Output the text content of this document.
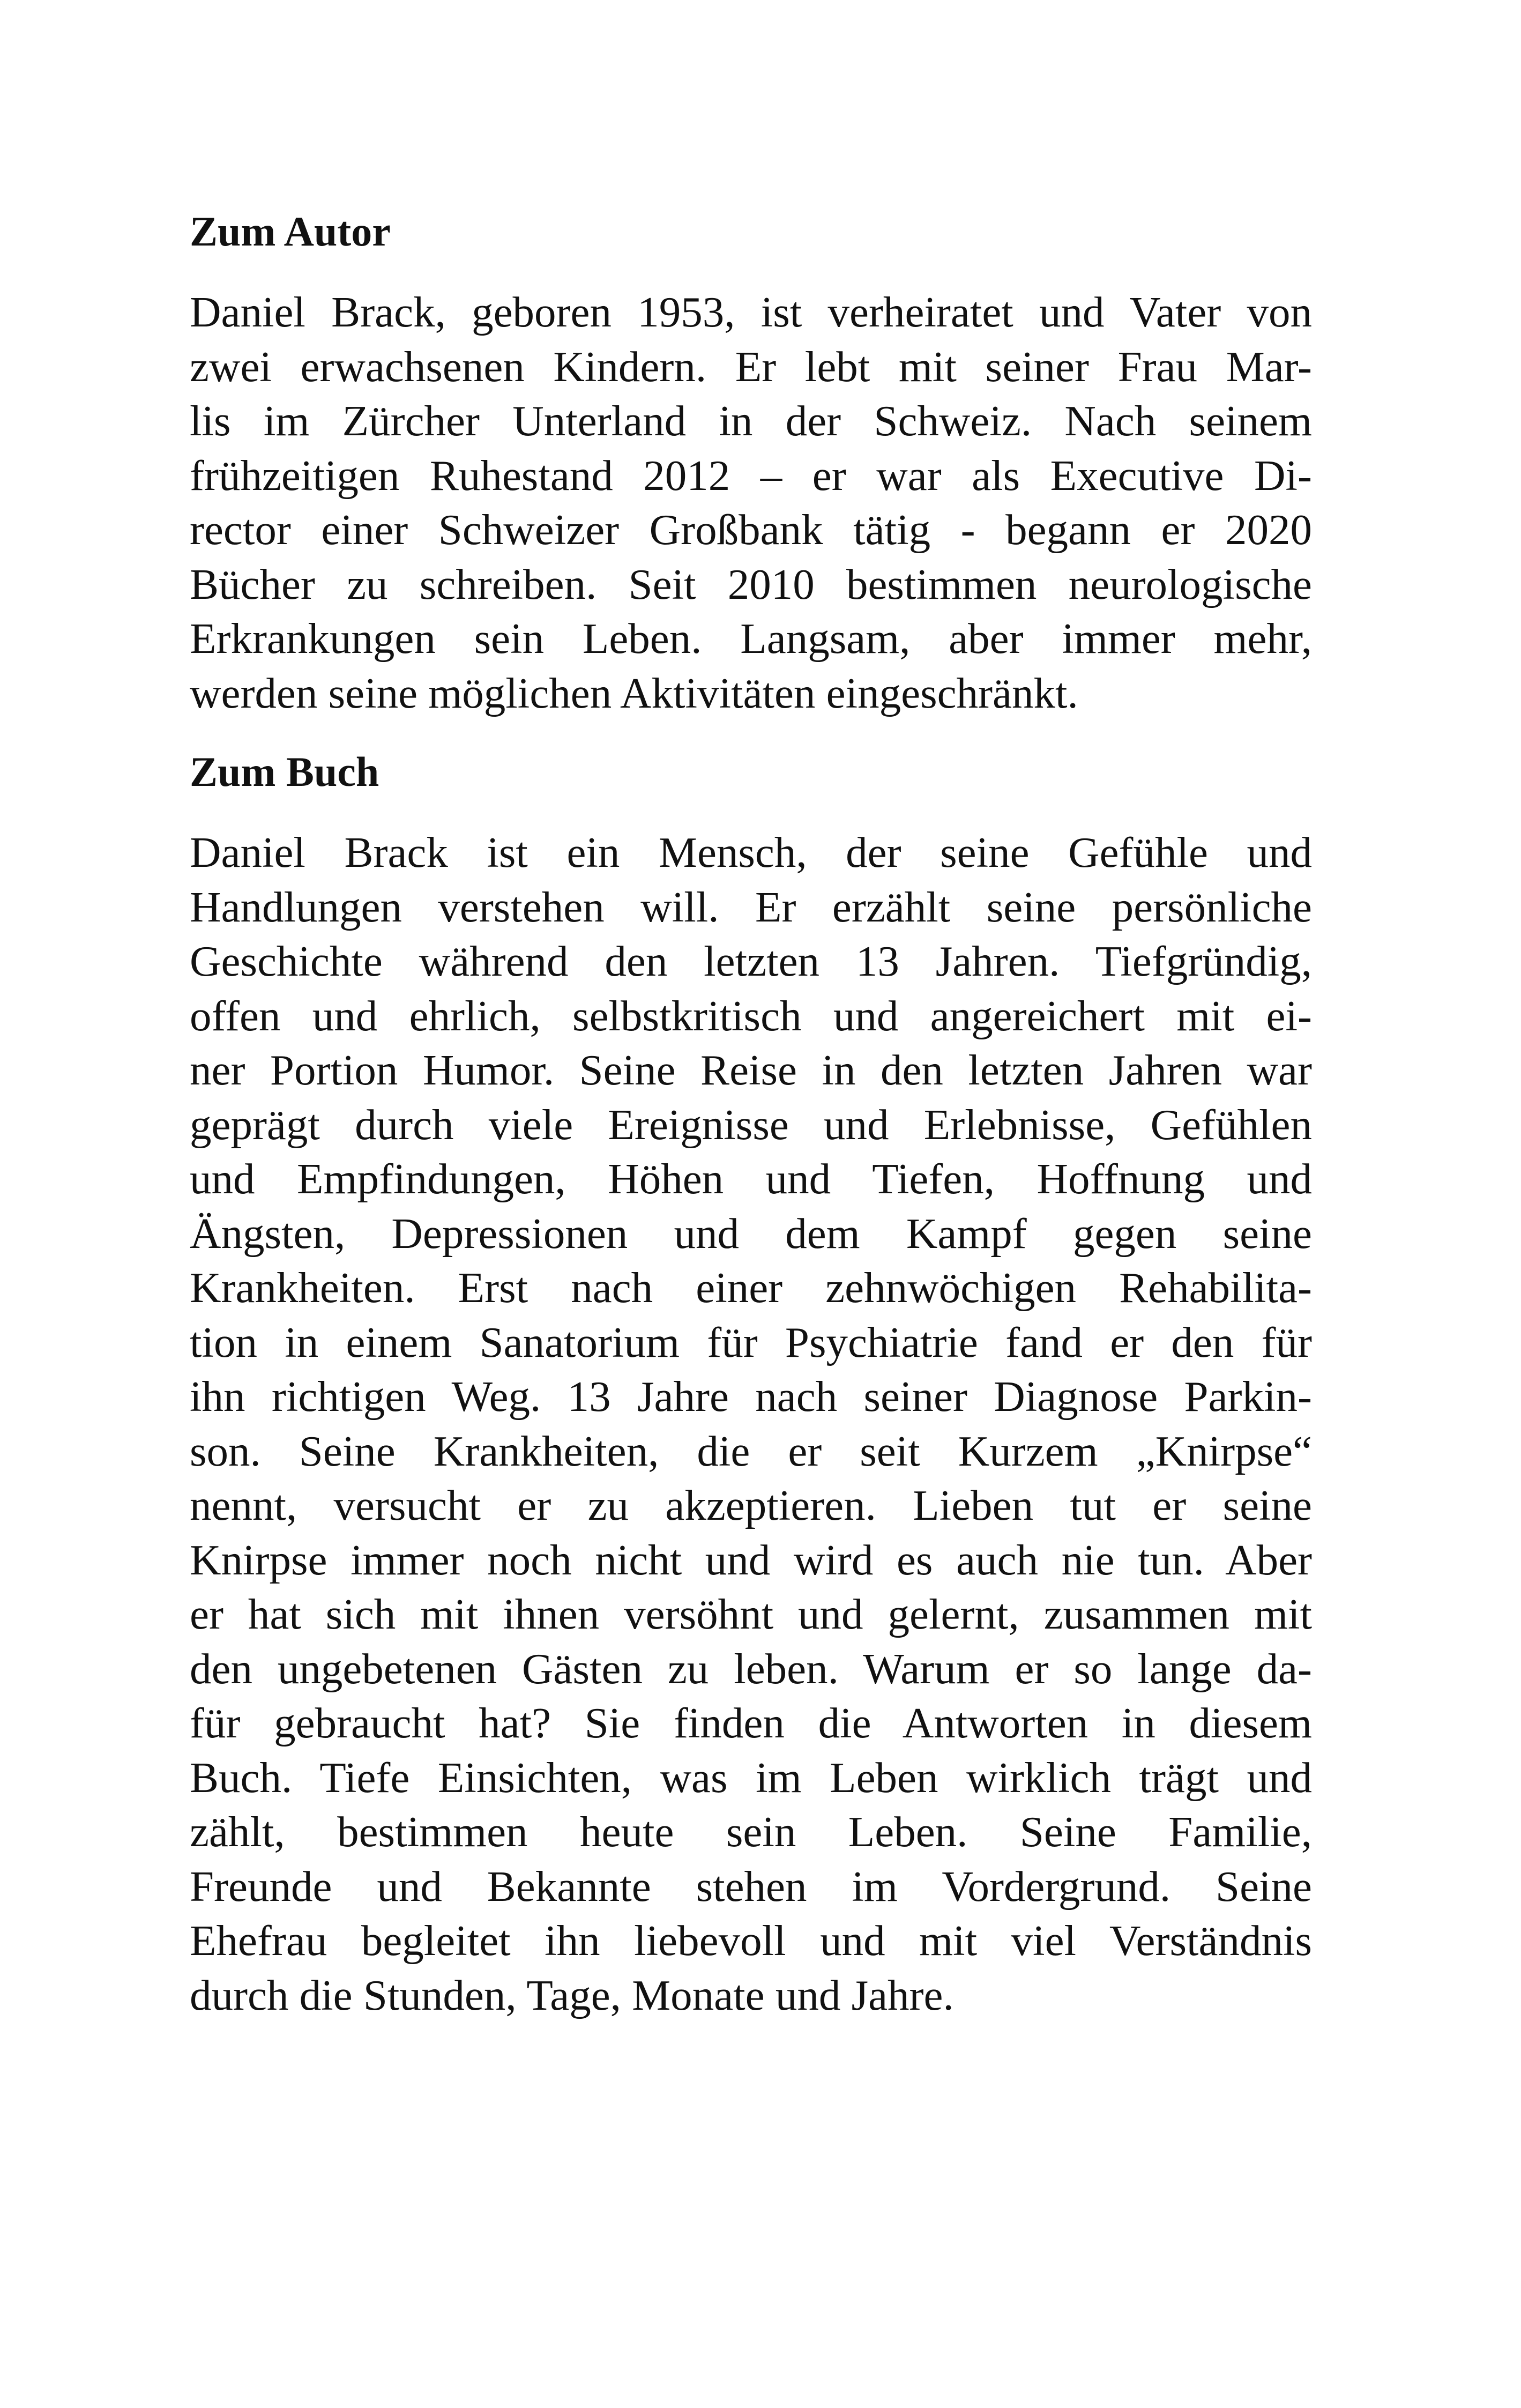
Zum Autor

Daniel Brack, geboren 1953, ist verheiratet und Vater von
zwei erwachsenen Kindern. Er lebt mit seiner Frau Mar-
lis im Zürcher Unterland in der Schweiz. Nach seinem
frühzeitigen Ruhestand 2012 – er war als Executive Di-
rector einer Schweizer Großbank tätig - begann er 2020
Bücher zu schreiben. Seit 2010 bestimmen neurologische
Erkrankungen sein Leben. Langsam, aber immer mehr,
werden seine möglichen Aktivitäten eingeschränkt.

Zum Buch

Daniel Brack ist ein Mensch, der seine Gefühle und
Handlungen verstehen will. Er erzählt seine persönliche
Geschichte während den letzten 13 Jahren. Tiefgründig,
offen und ehrlich, selbstkritisch und angereichert mit ei-
ner Portion Humor. Seine Reise in den letzten Jahren war
geprägt durch viele Ereignisse und Erlebnisse, Gefühlen
und Empfindungen, Höhen und Tiefen, Hoffnung und
Ängsten, Depressionen und dem Kampf gegen seine
Krankheiten. Erst nach einer zehnwöchigen Rehabilita-
tion in einem Sanatorium für Psychiatrie fand er den für
ihn richtigen Weg. 13 Jahre nach seiner Diagnose Parkin-
son. Seine Krankheiten, die er seit Kurzem „Knirpse“
nennt, versucht er zu akzeptieren. Lieben tut er seine
Knirpse immer noch nicht und wird es auch nie tun. Aber
er hat sich mit ihnen versöhnt und gelernt, zusammen mit
den ungebetenen Gästen zu leben. Warum er so lange da-
für gebraucht hat? Sie finden die Antworten in diesem
Buch. Tiefe Einsichten, was im Leben wirklich trägt und
zählt, bestimmen heute sein Leben. Seine Familie,
Freunde und Bekannte stehen im Vordergrund. Seine
Ehefrau begleitet ihn liebevoll und mit viel Verständnis
durch die Stunden, Tage, Monate und Jahre.
